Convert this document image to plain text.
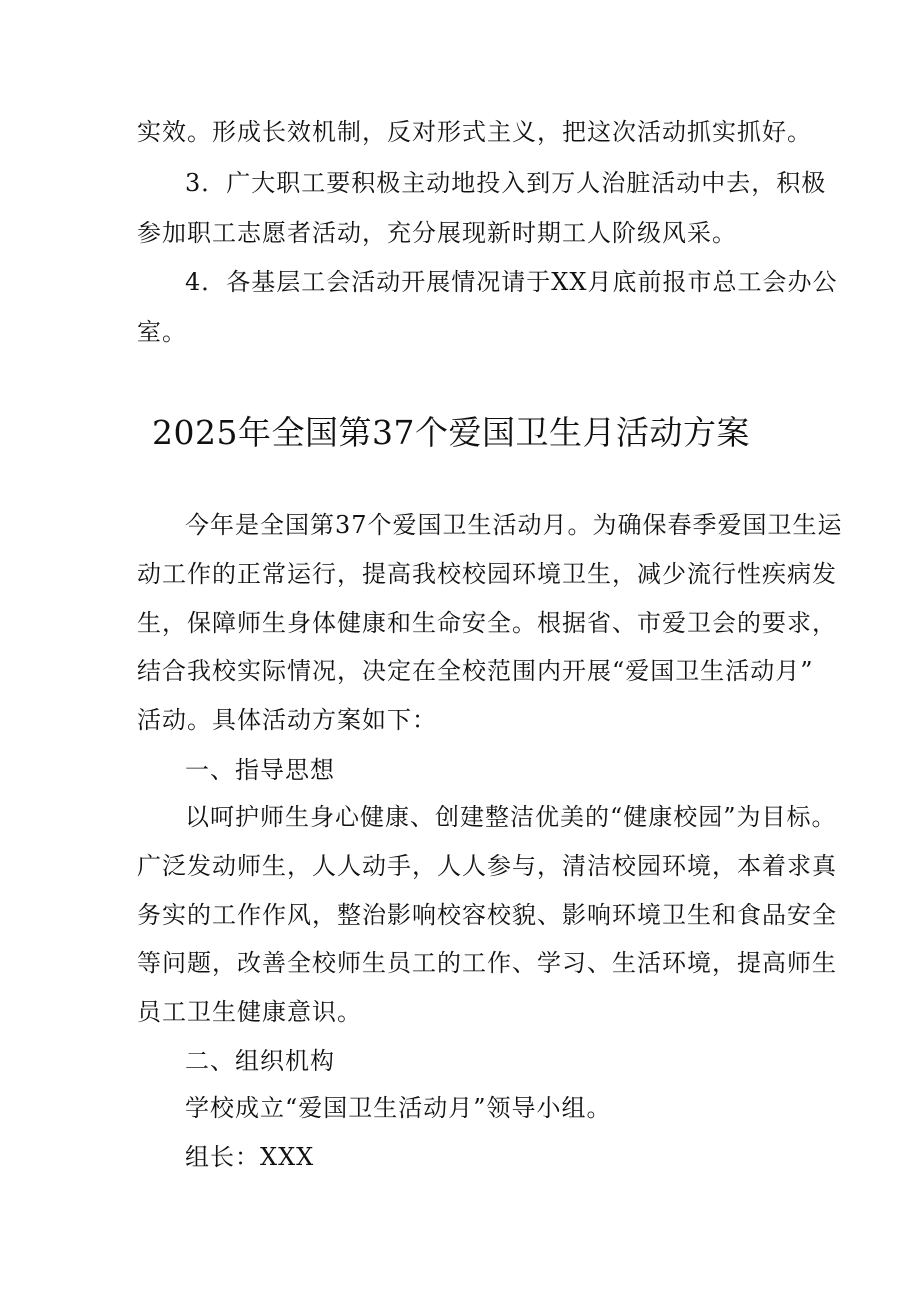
实效。形成长效机制，反对形式主义，把这次活动抓实抓好。
3．广大职工要积极主动地投入到万人治脏活动中去，积极
参加职工志愿者活动，充分展现新时期工人阶级风采。
4．各基层工会活动开展情况请于XX月底前报市总工会办公
室。
2025年全国第37个爱国卫生月活动方案
今年是全国第37个爱国卫生活动月。为确保春季爱国卫生运
动工作的正常运行，提高我校校园环境卫生，减少流行性疾病发
生，保障师生身体健康和生命安全。根据省、市爱卫会的要求，
结合我校实际情况，决定在全校范围内开展“爱国卫生活动月”
活动。具体活动方案如下：
一、指导思想
以呵护师生身心健康、创建整洁优美的“健康校园”为目标。
广泛发动师生，人人动手，人人参与，清洁校园环境，本着求真
务实的工作作风，整治影响校容校貌、影响环境卫生和食品安全
等问题，改善全校师生员工的工作、学习、生活环境，提高师生
员工卫生健康意识。
二、组织机构
学校成立“爱国卫生活动月”领导小组。
组长：XXX
